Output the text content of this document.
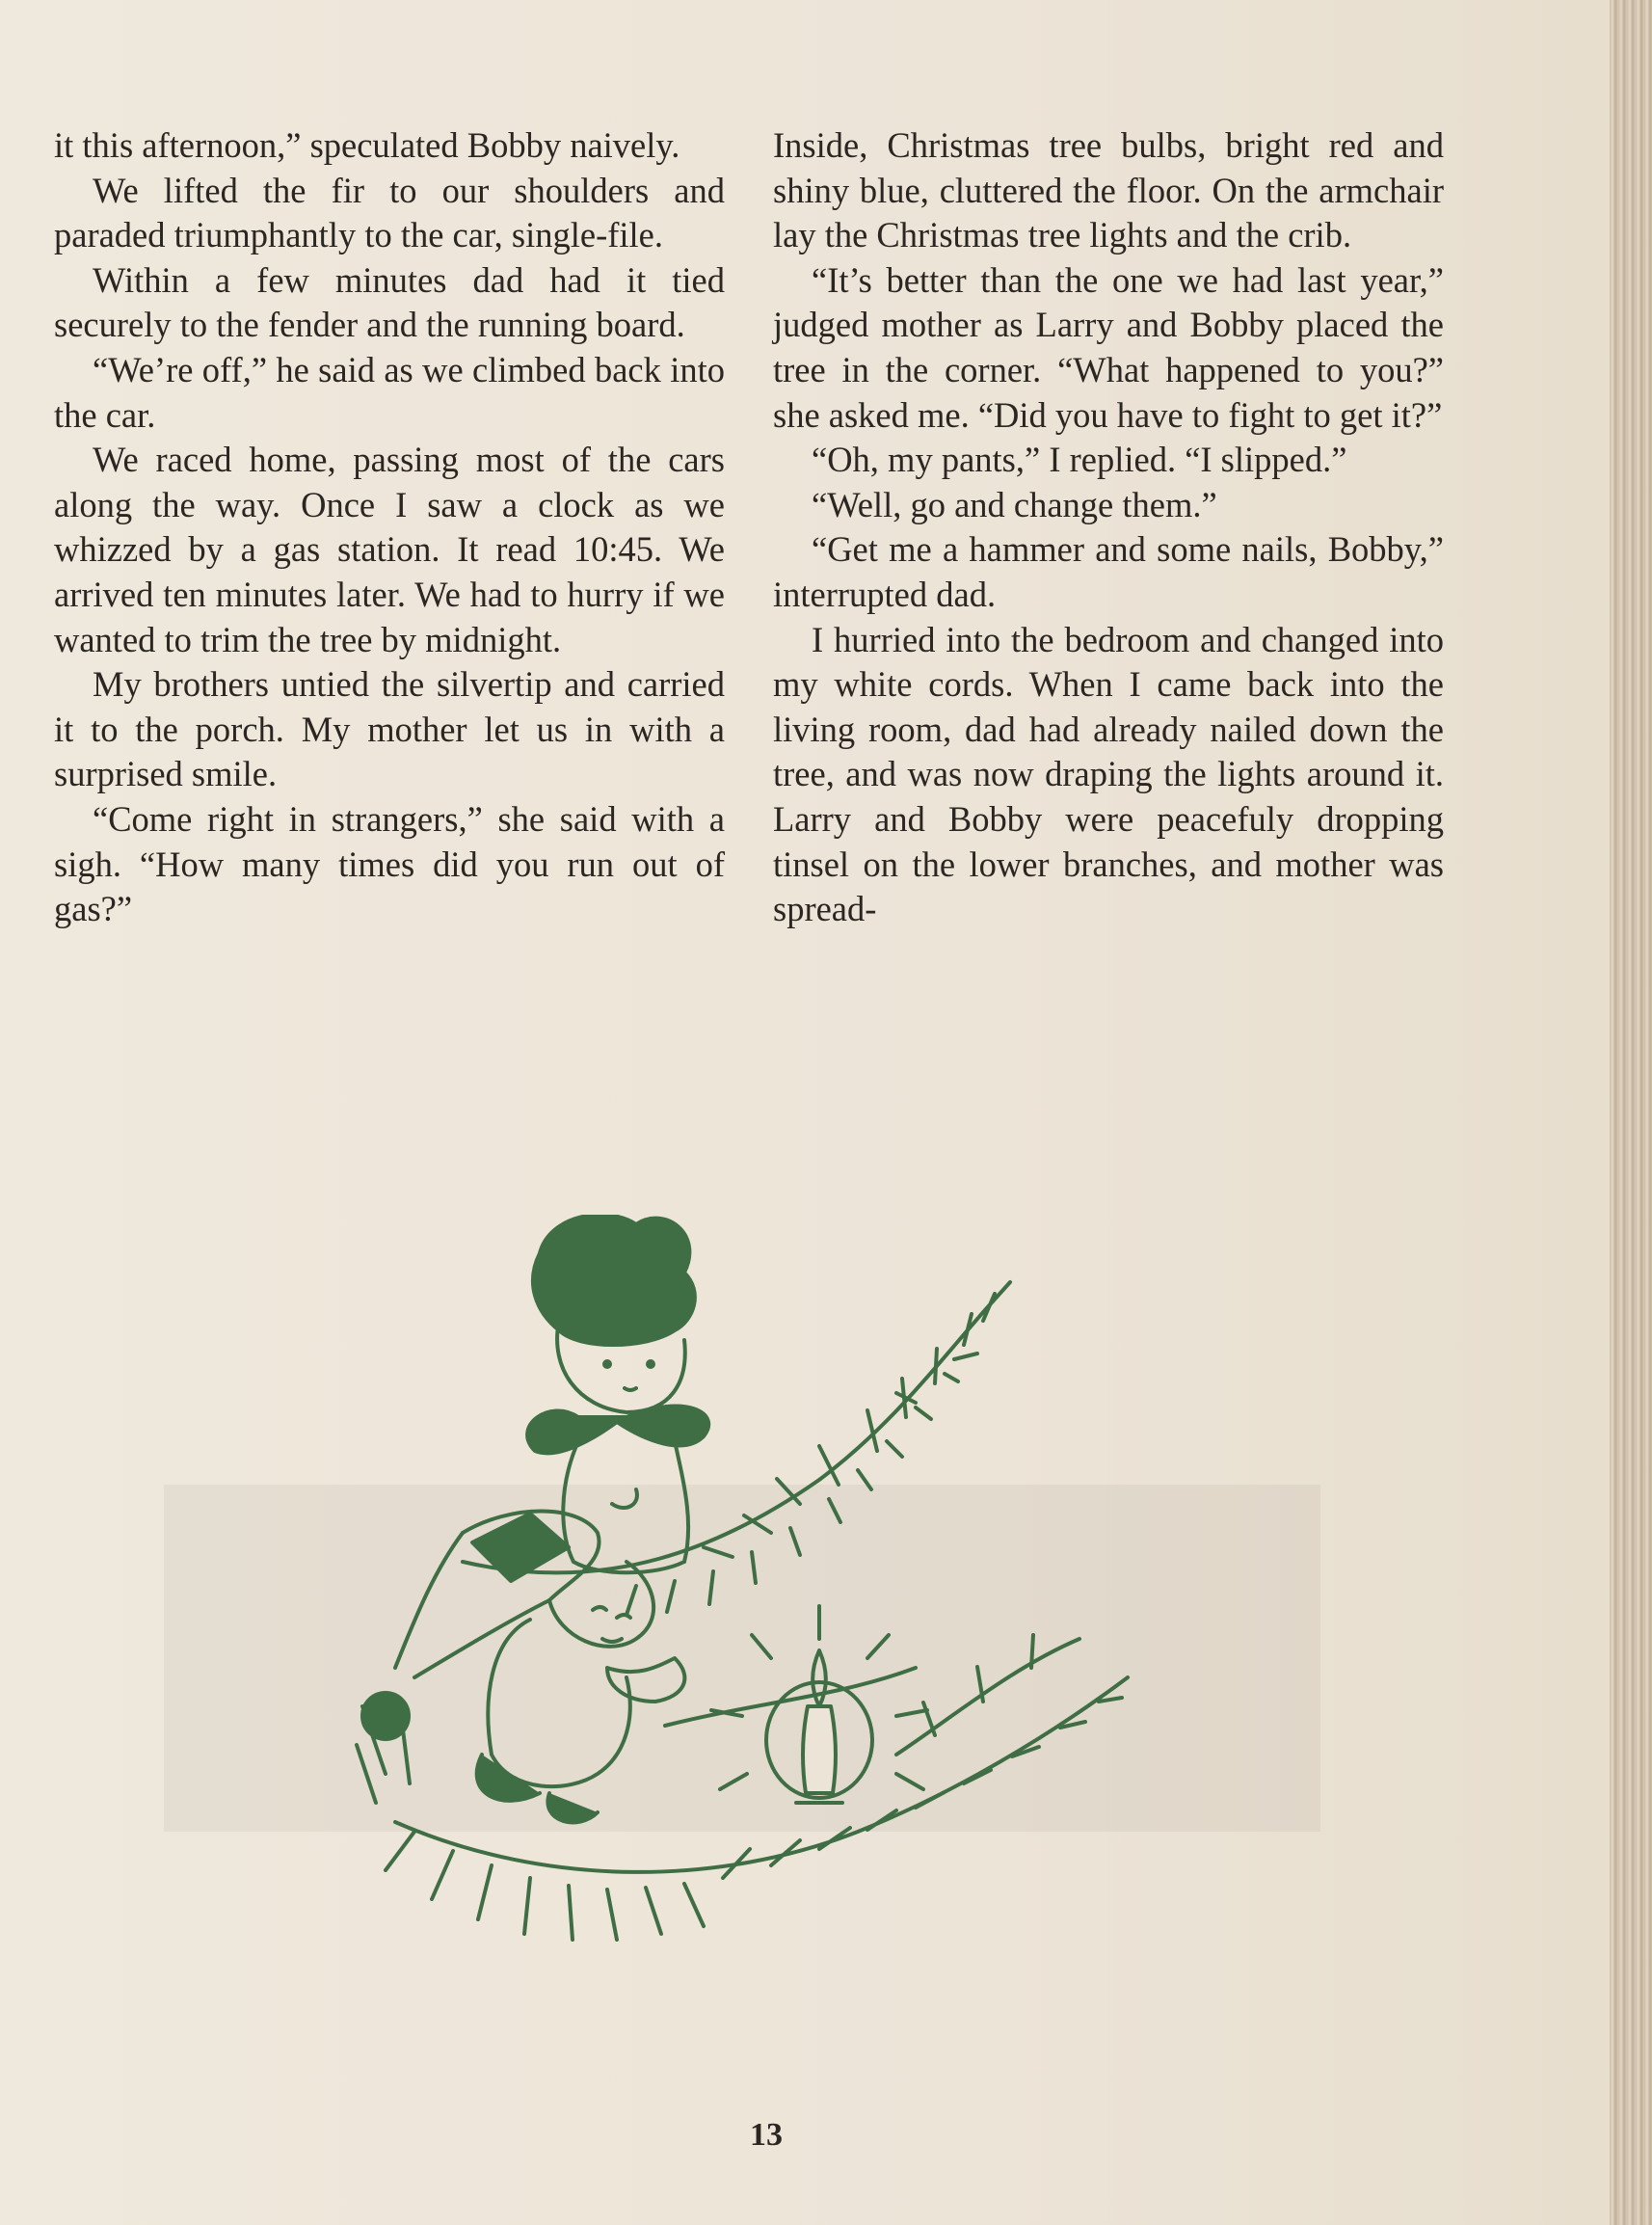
it this afternoon,” speculated Bobby naively.

We lifted the fir to our shoulders and paraded triumphantly to the car, single-file.

Within a few minutes dad had it tied securely to the fender and the running board.

“We’re off,” he said as we climbed back into the car.

We raced home, passing most of the cars along the way. Once I saw a clock as we whizzed by a gas station. It read 10:45. We arrived ten minutes later. We had to hurry if we wanted to trim the tree by midnight.

My brothers untied the silvertip and carried it to the porch. My mother let us in with a surprised smile.

“Come right in strangers,” she said with a sigh. “How many times did you run out of gas?”

Inside, Christmas tree bulbs, bright red and shiny blue, cluttered the floor. On the armchair lay the Christmas tree lights and the crib.

“It’s better than the one we had last year,” judged mother as Larry and Bobby placed the tree in the corner. “What happened to you?” she asked me. “Did you have to fight to get it?”

“Oh, my pants,” I replied. “I slipped.”

“Well, go and change them.”

“Get me a hammer and some nails, Bobby,” interrupted dad.

I hurried into the bedroom and changed into my white cords. When I came back into the living room, dad had already nailed down the tree, and was now draping the lights around it. Larry and Bobby were peacefuly dropping tinsel on the lower branches, and mother was spread-

13
